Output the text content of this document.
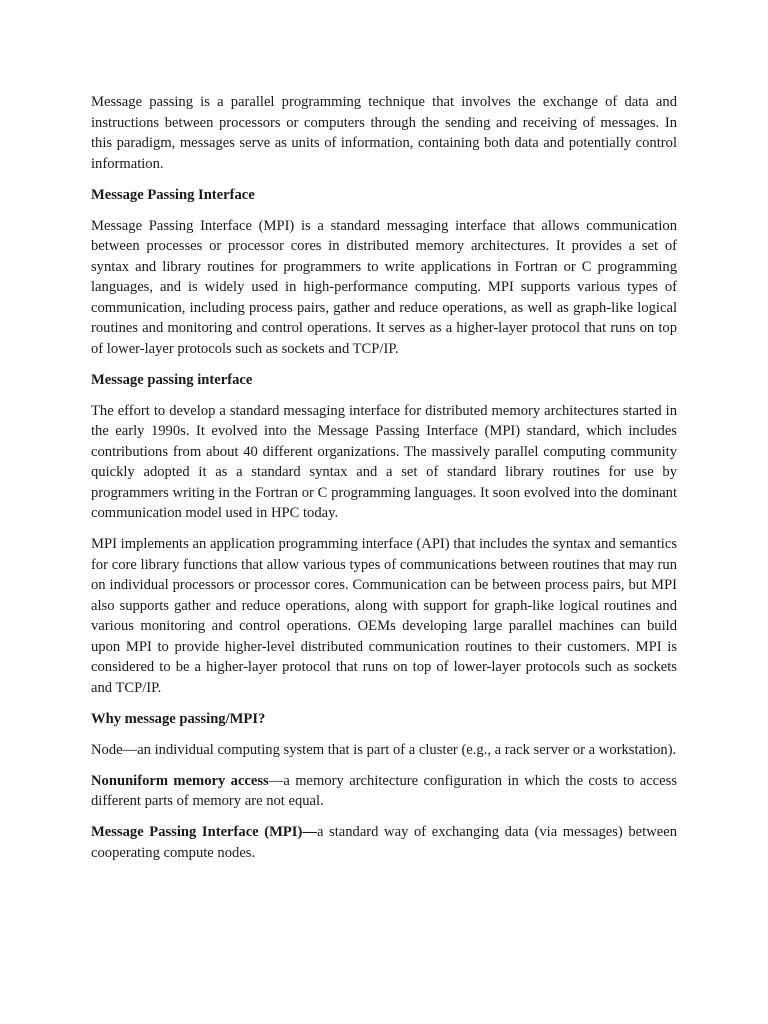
Message passing is a parallel programming technique that involves the exchange of data and instructions between processors or computers through the sending and receiving of messages. In this paradigm, messages serve as units of information, containing both data and potentially control information.

Message Passing Interface

Message Passing Interface (MPI) is a standard messaging interface that allows communication between processes or processor cores in distributed memory architectures. It provides a set of syntax and library routines for programmers to write applications in Fortran or C programming languages, and is widely used in high-performance computing. MPI supports various types of communication, including process pairs, gather and reduce operations, as well as graph-like logical routines and monitoring and control operations. It serves as a higher-layer protocol that runs on top of lower-layer protocols such as sockets and TCP/IP.

Message passing interface

The effort to develop a standard messaging interface for distributed memory architectures started in the early 1990s. It evolved into the Message Passing Interface (MPI) standard, which includes contributions from about 40 different organizations. The massively parallel computing community quickly adopted it as a standard syntax and a set of standard library routines for use by programmers writing in the Fortran or C programming languages. It soon evolved into the dominant communication model used in HPC today.

MPI implements an application programming interface (API) that includes the syntax and semantics for core library functions that allow various types of communications between routines that may run on individual processors or processor cores. Communication can be between process pairs, but MPI also supports gather and reduce operations, along with support for graph-like logical routines and various monitoring and control operations. OEMs developing large parallel machines can build upon MPI to provide higher-level distributed communication routines to their customers. MPI is considered to be a higher-layer protocol that runs on top of lower-layer protocols such as sockets and TCP/IP.

Why message passing/MPI?

Node—an individual computing system that is part of a cluster (e.g., a rack server or a workstation).

Nonuniform memory access—a memory architecture configuration in which the costs to access different parts of memory are not equal.

Message Passing Interface (MPI)—a standard way of exchanging data (via messages) between cooperating compute nodes.
